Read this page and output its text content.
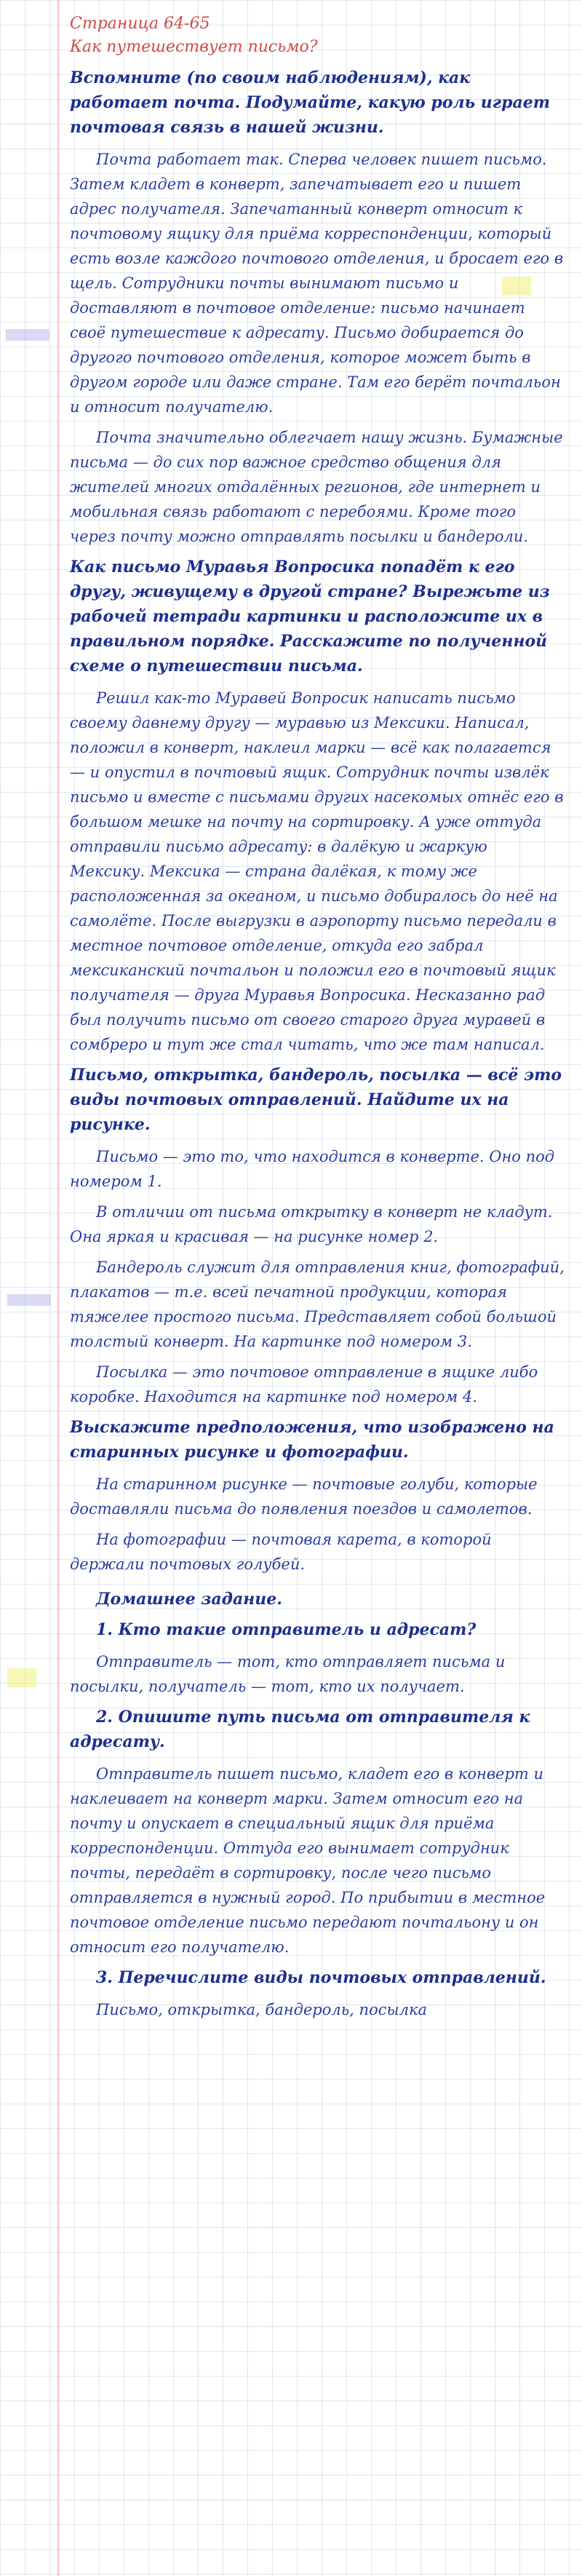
Страница 64-65
Как путешествует письмо?
Вспомните (по своим наблюдениям), как работает почта. Подумайте, какую роль играет почтовая связь в нашей жизни.
Почта работает так. Сперва человек пишет письмо. Затем кладет в конверт, запечатывает его и пишет адрес получателя. Запечатанный конверт относит к почтовому ящику для приёма корреспонденции, который есть возле каждого почтового отделения, и бросает его в щель. Сотрудники почты вынимают письмо и доставляют в почтовое отделение: письмо начинает своё путешествие к адресату. Письмо добирается до другого почтового отделения, которое может быть в другом городе или даже стране. Там его берёт почтальон и относит получателю.
Почта значительно облегчает нашу жизнь. Бумажные письма — до сих пор важное средство общения для жителей многих отдалённых регионов, где интернет и мобильная связь работают с перебоями. Кроме того через почту можно отправлять посылки и бандероли.
Как письмо Муравья Вопросика попадёт к его другу, живущему в другой стране? Вырежьте из рабочей тетради картинки и расположите их в правильном порядке. Расскажите по полученной схеме о путешествии письма.
Решил как-то Муравей Вопросик написать письмо своему давнему другу — муравью из Мексики. Написал, положил в конверт, наклеил марки — всё как полагается — и опустил в почтовый ящик. Сотрудник почты извлёк письмо и вместе с письмами других насекомых отнёс его в большом мешке на почту на сортировку. А уже оттуда отправили письмо адресату: в далёкую и жаркую Мексику. Мексика — страна далёкая, к тому же расположенная за океаном, и письмо добиралось до неё на самолёте. После выгрузки в аэропорту письмо передали в местное почтовое отделение, откуда его забрал мексиканский почтальон и положил его в почтовый ящик получателя — друга Муравья Вопросика. Несказанно рад был получить письмо от своего старого друга муравей в сомбреро и тут же стал читать, что же там написал.
Письмо, открытка, бандероль, посылка — всё это виды почтовых отправлений. Найдите их на рисунке.
Письмо — это то, что находится в конверте. Оно под номером 1.
В отличии от письма открытку в конверт не кладут. Она яркая и красивая — на рисунке номер 2.
Бандероль служит для отправления книг, фотографий, плакатов — т.е. всей печатной продукции, которая тяжелее простого письма. Представляет собой большой толстый конверт. На картинке под номером 3.
Посылка — это почтовое отправление в ящике либо коробке. Находится на картинке под номером 4.
Выскажите предположения, что изображено на старинных рисунке и фотографии.
На старинном рисунке — почтовые голуби, которые доставляли письма до появления поездов и самолетов.
На фотографии — почтовая карета, в которой держали почтовых голубей.
Домашнее задание.
1. Кто такие отправитель и адресат?
Отправитель — тот, кто отправляет письма и посылки, получатель — тот, кто их получает.
2. Опишите путь письма от отправителя к адресату.
Отправитель пишет письмо, кладет его в конверт и наклеивает на конверт марки. Затем относит его на почту и опускает в специальный ящик для приёма корреспонденции. Оттуда его вынимает сотрудник почты, передаёт в сортировку, после чего письмо отправляется в нужный город. По прибытии в местное почтовое отделение письмо передают почтальону и он относит его получателю.
3. Перечислите виды почтовых отправлений.
Письмо, открытка, бандероль, посылка
